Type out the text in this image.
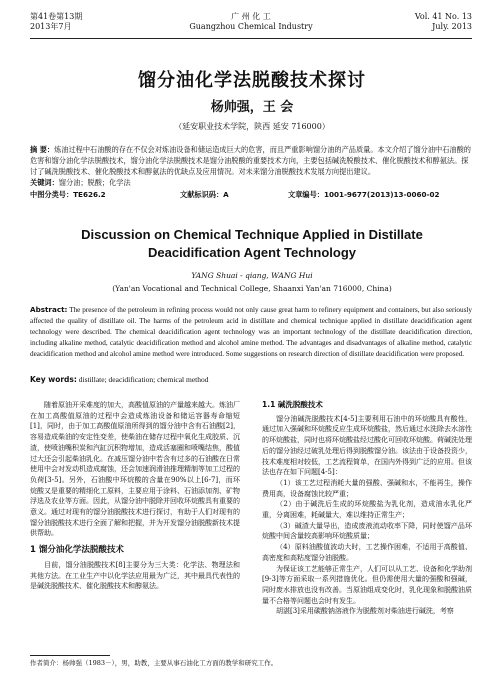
第41卷第13期
2013年7月
广 州 化 工
Guangzhou Chemical Industry
Vol. 41 No. 13
July. 2013
馏分油化学法脱酸技术探讨
杨帅强，王 会
（延安职业技术学院，陕西 延安 716000）
摘 要：炼油过程中石油酸的存在不仅会对炼油设备和储运造成巨大的危害，而且严重影响馏分油的产品质量。本文介绍了馏分油中石油酸的危害和馏分油化学法脱酸技术，馏分油化学法脱酸技术是馏分油脱酸的重要技术方向，主要包括碱洗脱酸技术、催化脱酸技术和醇氨法。探讨了碱洗脱酸技术、催化脱酸技术和醇氨法的优缺点及应用情况。对未来馏分油脱酸技术发展方向提出建议。
关键词：馏分油；脱酸；化学法
中图分类号：TE626.2	文献标识码：A	文章编号：1001-9677(2013)13-0060-02
Discussion on Chemical Technique Applied in Distillate
Deacidification Agent Technology
YANG Shuai - qiang, WANG Hui
(Yan'an Vocational and Technical College, Shaanxi Yan'an 716000, China)
Abstract: The presence of the petroleum in refining process would not only cause great harm to refinery equipment and containers, but also seriously affected the quality of distillate oil. The harms of the petroleum acid in distillate and chemical technique applied in distillate deacidification agent technology were described. The chemical deacidification agent technology was an important technology of the distillate deacidification direction, including alkaline method, catalytic deacidification method and alcohol amine method. The advantages and disadvantages of alkaline method, catalytic deacidification method and alcohol amine method were introduced. Some suggestions on research direction of distillate deacidification were proposed.
Key words: distillate; deacidification; chemical method

随着原油开采难度的加大，高酸值原油的产量越来越大。炼油厂在加工高酸值原油的过程中会造成炼油设备和储运容器寿命缩短[1]，同时，由于加工高酸值原油所得到的馏分油中含有石油酸[2]，容易造成柴油的安定性变差，使柴油在储存过程中氧化生成胶质、沉渣，使喷油嘴积炭和汽缸沉积物增加，造成活塞圈和喷嘴结焦，酸值过大还会引起柴油乳化。在减压馏分油中若含有过多的石油酸在日常使用中会对发动机造成腐蚀，还会加速润滑油推理精制等加工过程的负荷[3-5]。另外，石油酸中环烷酸的含量在90%以上[6-7]，而环烷酸又是重要的精细化工原料，主要应用于涂料、石油添加剂、矿物浮选及农业等方面。因此，从馏分油中脱除并回收环烷酸具有重要的意义。通过对现有的馏分油脱酸技术进行探讨，有助于人们对现有的馏分油脱酸技术进行全面了解和把握，并为开发馏分油脱酸新技术提供帮助。

1 馏分油化学法脱酸技术

目前，馏分油脱酸技术[8]主要分为三大类：化学法、物理法和其他方法。在工业生产中以化学法应用最为广泛，其中最具代表性的是碱洗脱酸技术、催化脱酸技术和醇氨法。

1.1 碱洗脱酸技术

馏分油碱洗脱酸技术[4-5]主要利用石油中的环烷酸具有酸性，通过加入强碱和环烷酸反应生成环烷酸盐，然后通过水洗除去水溶性的环烷酸盐，同时也将环烷酸盐经过酸化可回收环烷酸。荷碱洗处理后的馏分油经过破乳处理后得到脱酸馏分油。该法由于设备投资少，技术难度相对较低，工艺流程简单，在国内外得到广泛的应用。但该法也存在如下问题[4-5]：

（1）该工艺过程消耗大量的强酸、强碱和水，不能再生，操作费用高，设备腐蚀比较严重；

（2）由于碱洗后生成的环烷酸盐为乳化剂，造成油水乳化严重，分离困难，耗碱量大，难以维持正常生产；

（3）碱渣大量导出，造成废液流动收率下降，同时使馏产品环烷酸中间含量较高影响环烷酸质量；

（4）原料油酸值波动大时，工艺操作困难，不适用于高酸值、高密度和高粘度馏分油脱酸。

为保证该工艺能够正常生产，人们可以从工艺、设备和化学助剂[9-3]等方面采取一系列措施优化。但仍需使用大量的强酸和强碱，同时废水排放也没有改善。当原油组成变化时，乳化现象和脱酸油质量不合格等问题也会时有发生。

胡湛[3]采用碳酸钠溶液作为脱酸剂对柴油进行碱洗，考察

作者简介：杨帅强（1983－），男，助教，主要从事石油化工方面的教学和研究工作。
